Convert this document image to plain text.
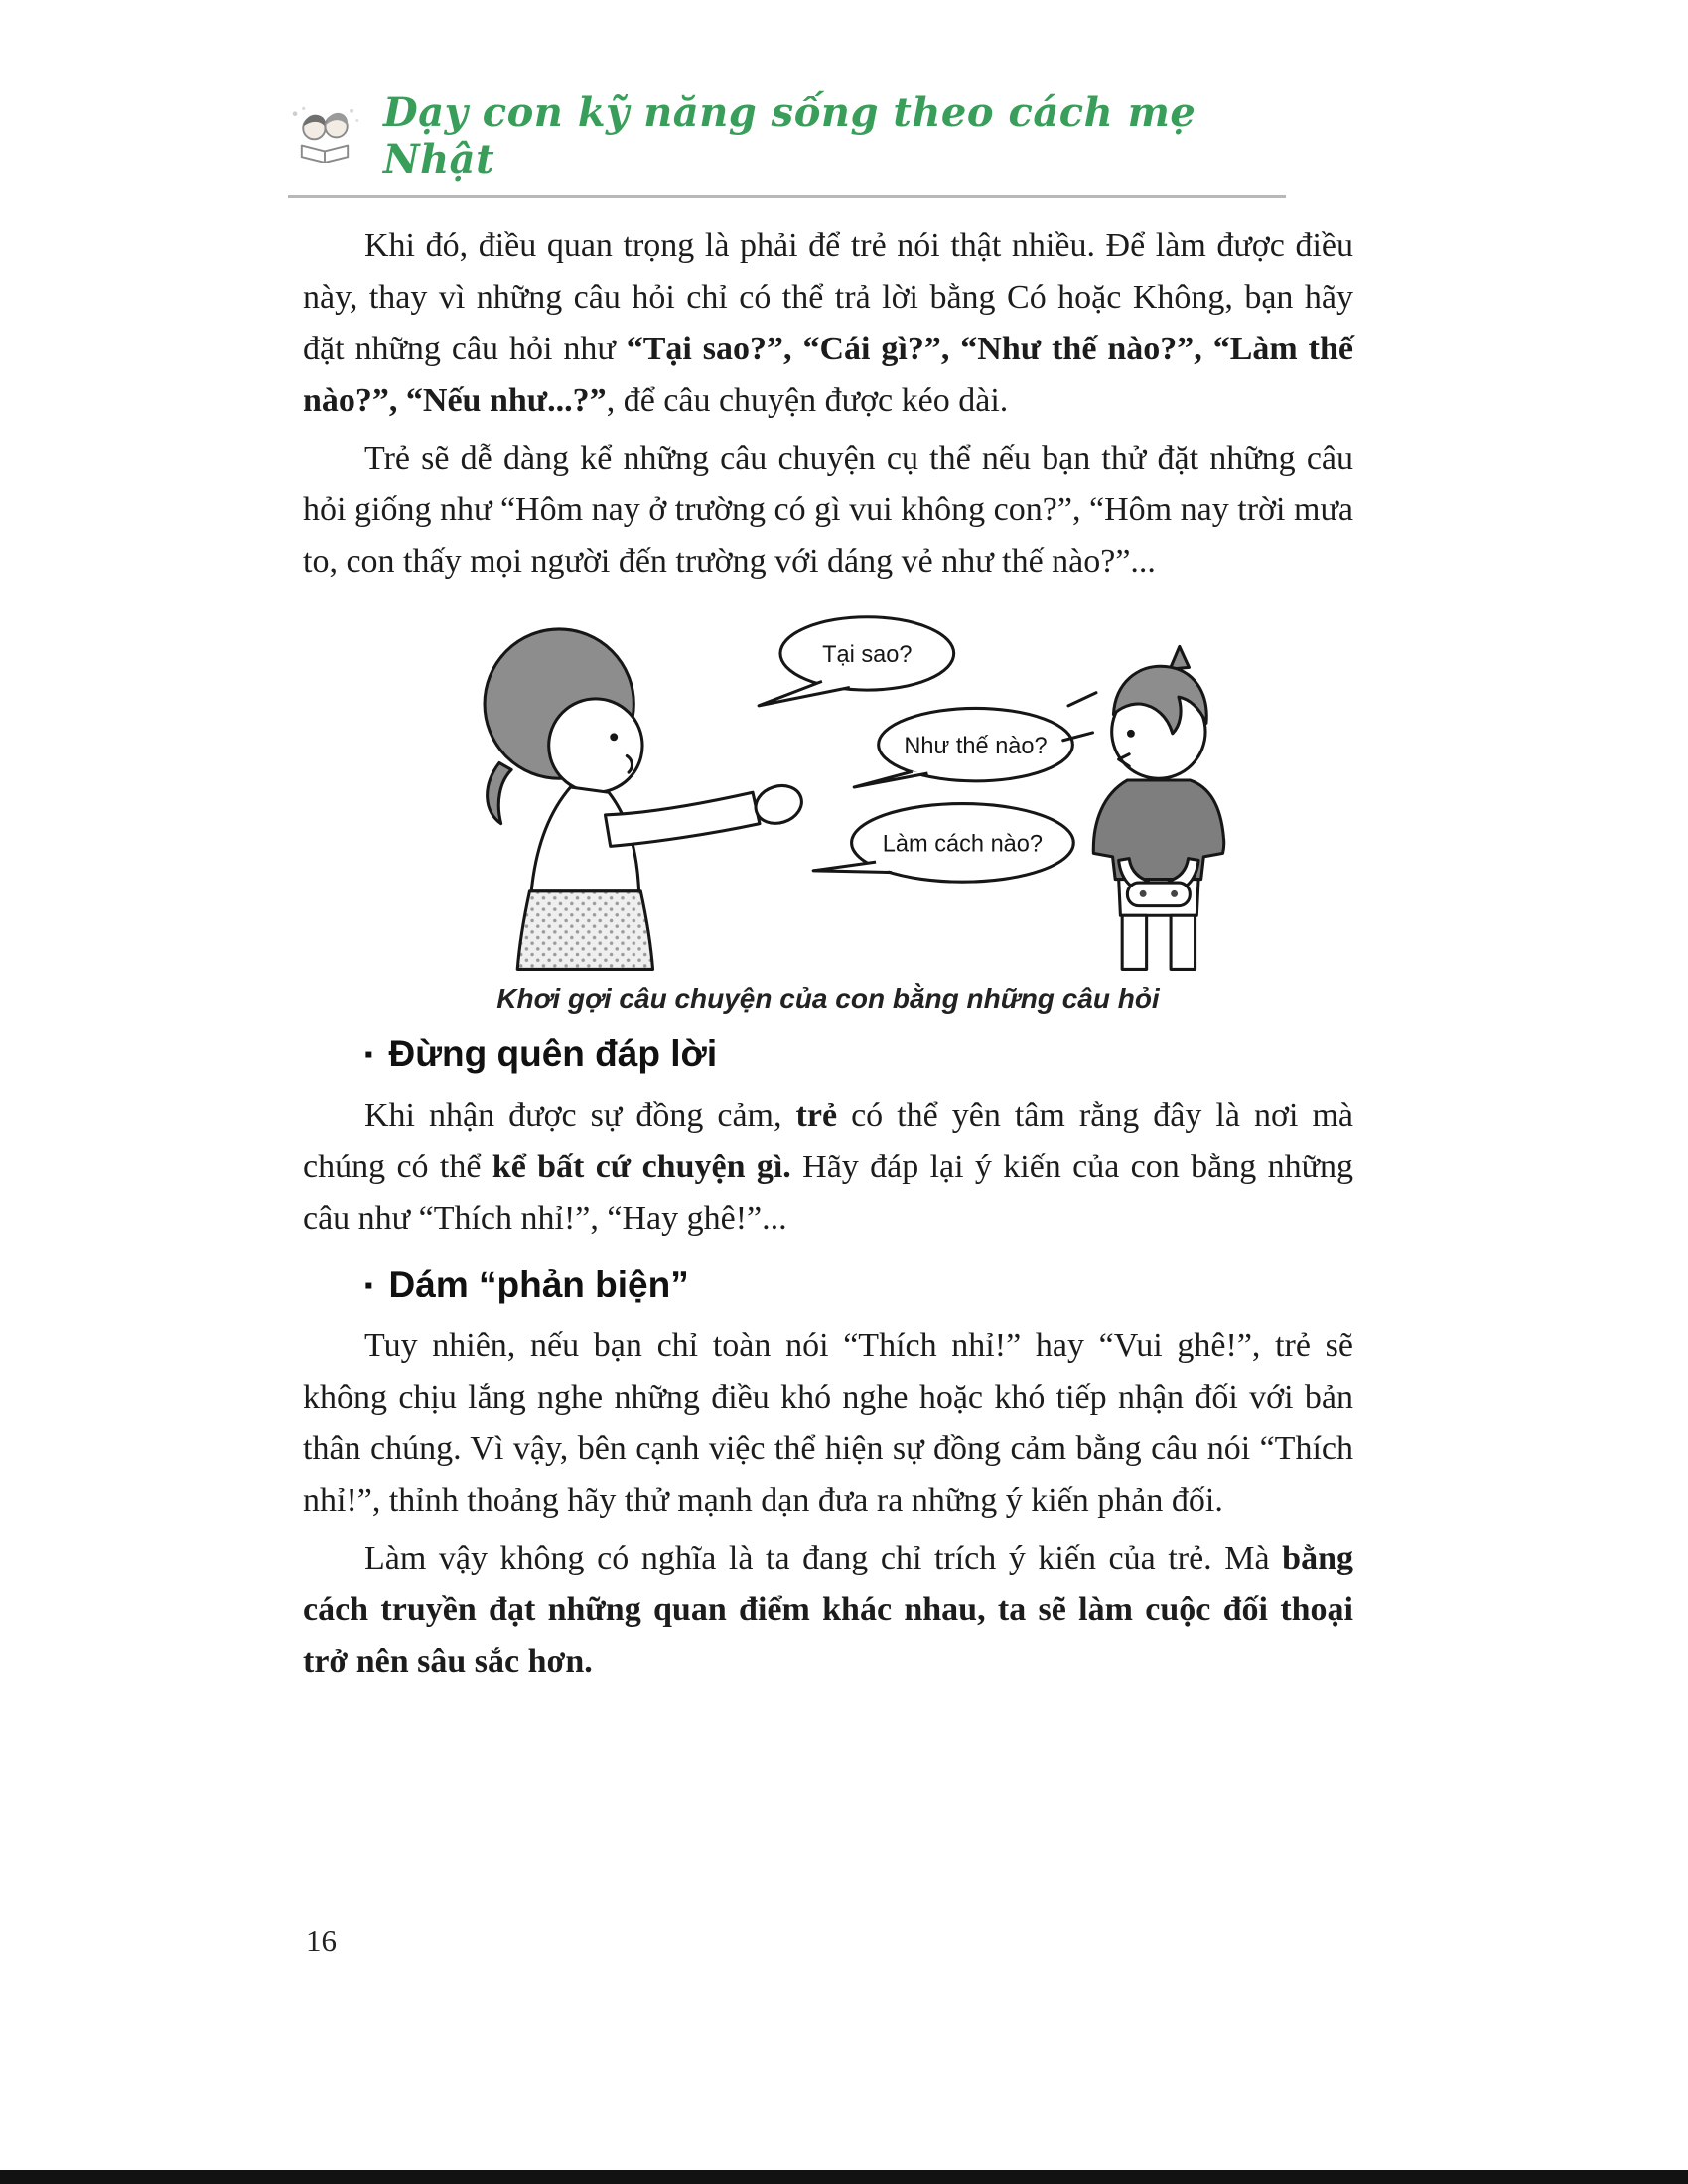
Dạy con kỹ năng sống theo cách mẹ Nhật

Khi đó, điều quan trọng là phải để trẻ nói thật nhiều. Để làm được điều này, thay vì những câu hỏi chỉ có thể trả lời bằng Có hoặc Không, bạn hãy đặt những câu hỏi như “Tại sao?”, “Cái gì?”, “Như thế nào?”, “Làm thế nào?”, “Nếu như...?”, để câu chuyện được kéo dài.

Trẻ sẽ dễ dàng kể những câu chuyện cụ thể nếu bạn thử đặt những câu hỏi giống như “Hôm nay ở trường có gì vui không con?”, “Hôm nay trời mưa to, con thấy mọi người đến trường với dáng vẻ như thế nào?”...

Tại sao?
Như thế nào?
Làm cách nào?
Khơi gợi câu chuyện của con bằng những câu hỏi
▪ Đừng quên đáp lời

Khi nhận được sự đồng cảm, trẻ có thể yên tâm rằng đây là nơi mà chúng có thể kể bất cứ chuyện gì. Hãy đáp lại ý kiến của con bằng những câu như “Thích nhỉ!”, “Hay ghê!”...

▪ Dám “phản biện”

Tuy nhiên, nếu bạn chỉ toàn nói “Thích nhỉ!” hay “Vui ghê!”, trẻ sẽ không chịu lắng nghe những điều khó nghe hoặc khó tiếp nhận đối với bản thân chúng. Vì vậy, bên cạnh việc thể hiện sự đồng cảm bằng câu nói “Thích nhỉ!”, thỉnh thoảng hãy thử mạnh dạn đưa ra những ý kiến phản đối.

Làm vậy không có nghĩa là ta đang chỉ trích ý kiến của trẻ. Mà bằng cách truyền đạt những quan điểm khác nhau, ta sẽ làm cuộc đối thoại trở nên sâu sắc hơn.

16
